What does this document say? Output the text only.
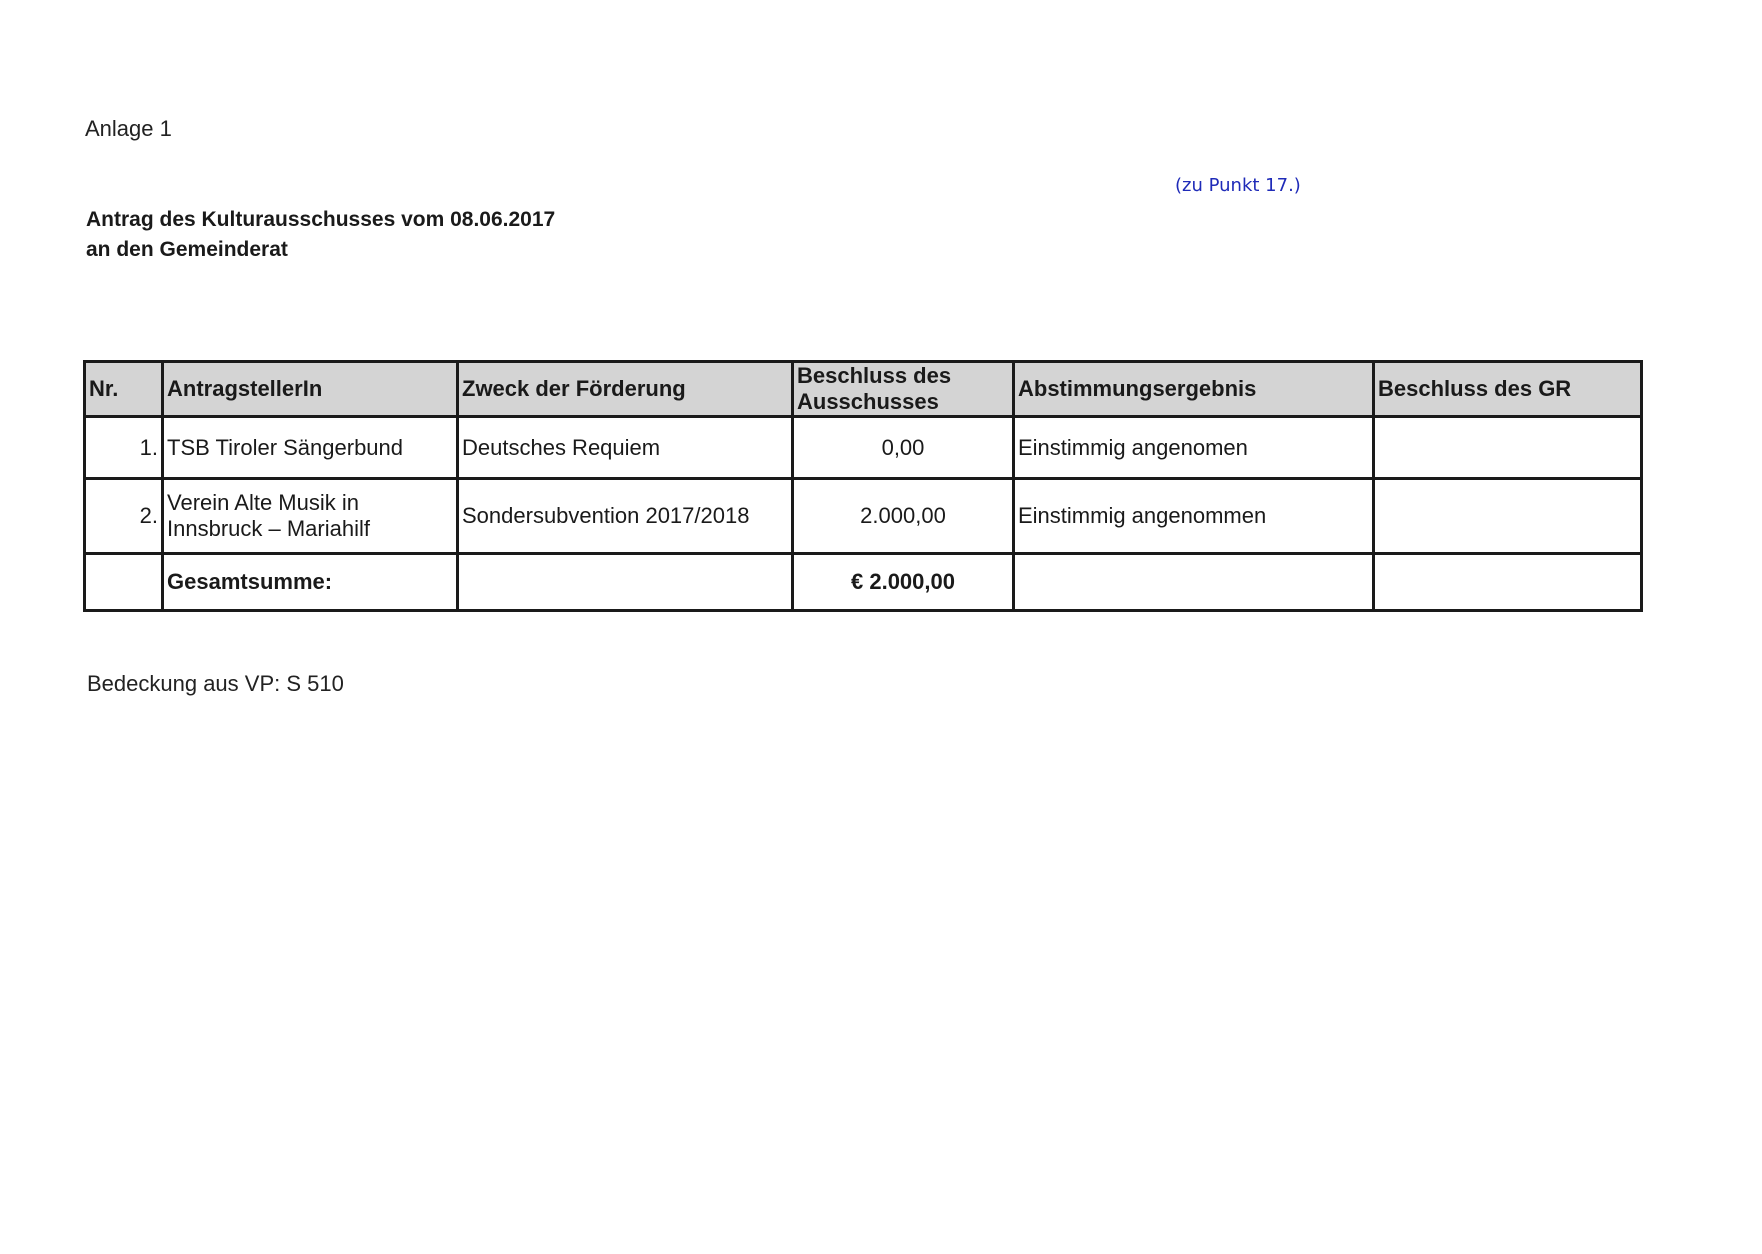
Anlage 1
(zu Punkt 17.)
Antrag des Kulturausschusses vom 08.06.2017
an den Gemeinderat
Nr.	AntragstellerIn	Zweck der Förderung	Beschluss des Ausschusses	Abstimmungsergebnis	Beschluss des GR
1.	TSB Tiroler Sängerbund	Deutsches Requiem	0,00	Einstimmig angenomen	
2.	Verein Alte Musik in Innsbruck – Mariahilf	Sondersubvention 2017/2018	2.000,00	Einstimmig angenommen	
	Gesamtsumme:		€ 2.000,00		
Bedeckung aus VP: S 510
